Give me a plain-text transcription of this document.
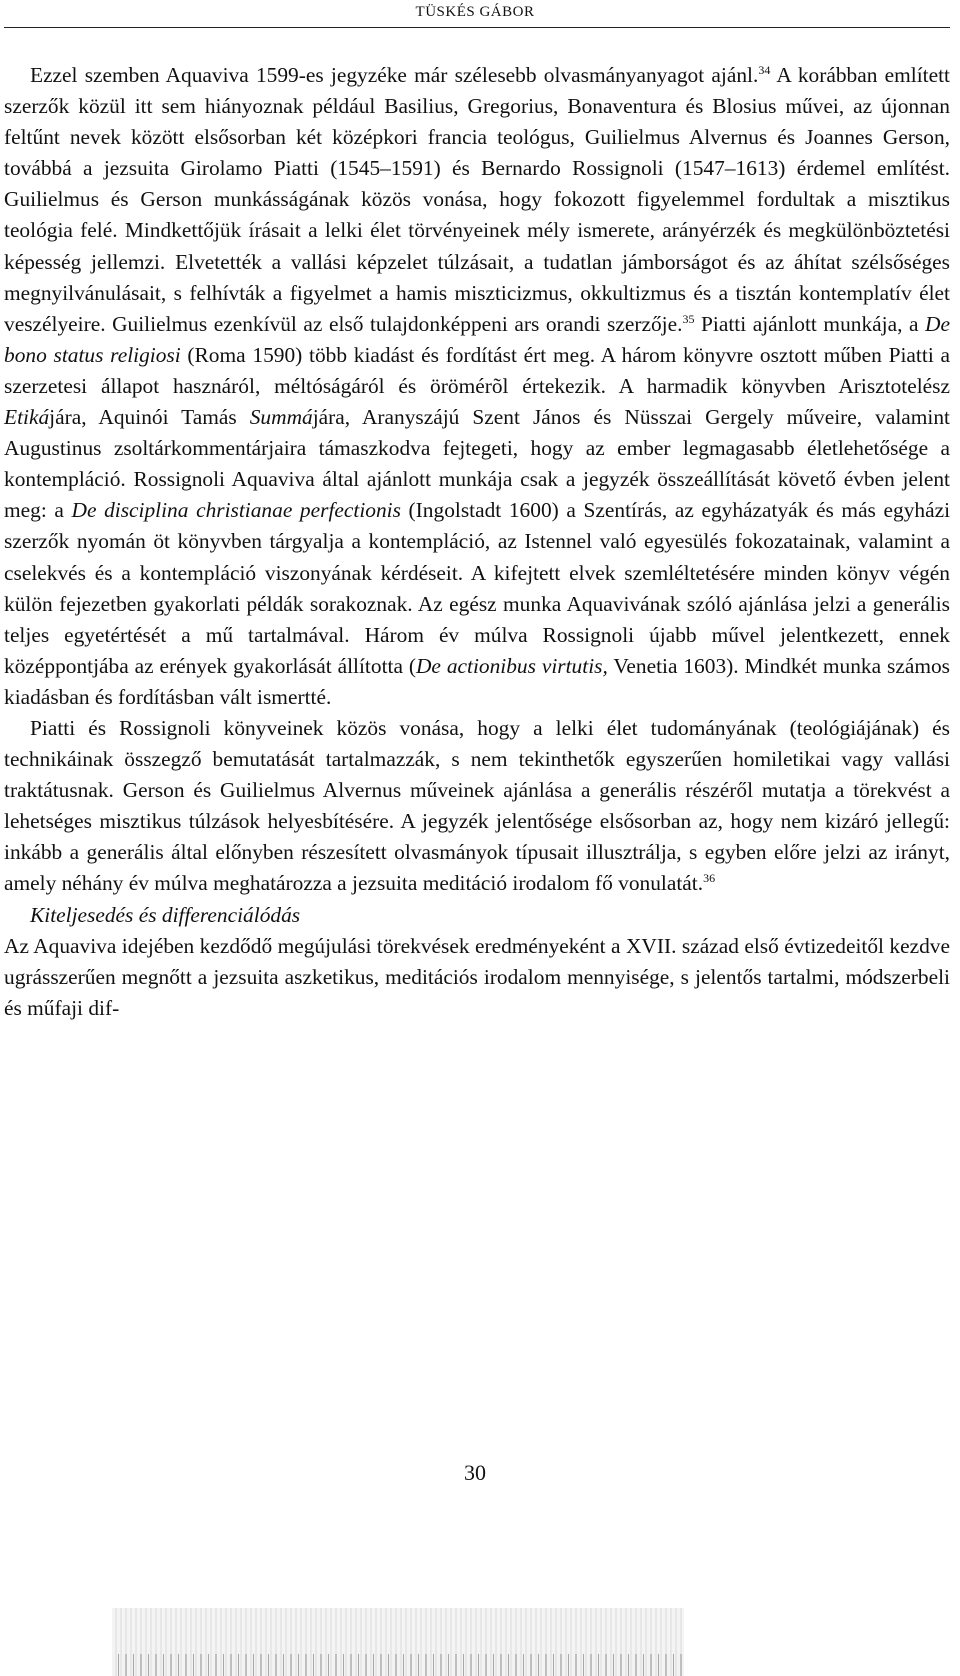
TÜSKÉS GÁBOR

Ezzel szemben Aquaviva 1599-es jegyzéke már szélesebb olvasmányanyagot ajánl.$^{34}$ A korábban említett szerzők közül itt sem hiányoznak például Basilius, Gregorius, Bonaventura és Blosius művei, az újonnan feltűnt nevek között elsősorban két középkori francia teológus, Guilielmus Alvernus és Joannes Gerson, továbbá a jezsuita Girolamo Piatti (1545–1591) és Bernardo Rossignoli (1547–1613) érdemel említést. Guilielmus és Gerson munkásságának közös vonása, hogy fokozott figyelemmel fordultak a misztikus teológia felé. Mindkettőjük írásait a lelki élet törvényeinek mély ismerete, arányérzék és megkülönböztetési képesség jellemzi. Elvetették a vallási képzelet túlzásait, a tudatlan jámborságot és az áhítat szélsőséges megnyilvánulásait, s felhívták a figyelmet a hamis miszticizmus, okkultizmus és a tisztán kontemplatív élet veszélyeire. Guilielmus ezenkívül az első tulajdonképpeni ars orandi szerzője.$^{35}$ Piatti ajánlott munkája, a De bono status religiosi (Roma 1590) több kiadást és fordítást ért meg. A három könyvre osztott műben Piatti a szerzetesi állapot hasznáról, méltóságáról és örömérõl értekezik. A harmadik könyvben Arisztotelész Etikájára, Aquinói Tamás Summájára, Aranyszájú Szent János és Nüsszai Gergely műveire, valamint Augustinus zsoltárkommentárjaira támaszkodva fejtegeti, hogy az ember legmagasabb életlehetősége a kontempláció. Rossignoli Aquaviva által ajánlott munkája csak a jegyzék összeállítását követő évben jelent meg: a De disciplina christianae perfectionis (Ingolstadt 1600) a Szentírás, az egyházatyák és más egyházi szerzők nyomán öt könyvben tárgyalja a kontempláció, az Istennel való egyesülés fokozatainak, valamint a cselekvés és a kontempláció viszonyának kérdéseit. A kifejtett elvek szemléltetésére minden könyv végén külön fejezetben gyakorlati példák sorakoznak. Az egész munka Aquavivának szóló ajánlása jelzi a generális teljes egyetértését a mű tartalmával. Három év múlva Rossignoli újabb művel jelentkezett, ennek középpontjába az erények gyakorlását állította (De actionibus virtutis, Venetia 1603). Mindkét munka számos kiadásban és fordításban vált ismertté.

Piatti és Rossignoli könyveinek közös vonása, hogy a lelki élet tudományának (teológiájának) és technikáinak összegző bemutatását tartalmazzák, s nem tekinthetők egyszerűen homiletikai vagy vallási traktátusnak. Gerson és Guilielmus Alvernus műveinek ajánlása a generális részéről mutatja a törekvést a lehetséges misztikus túlzások helyesbítésére. A jegyzék jelentősége elsősorban az, hogy nem kizáró jellegű: inkább a generális által előnyben részesített olvasmányok típusait illusztrálja, s egyben előre jelzi az irányt, amely néhány év múlva meghatározza a jezsuita meditáció irodalom fő vonulatát.$^{36}$

Kiteljesedés és differenciálódás

Az Aquaviva idejében kezdődő megújulási törekvések eredményeként a XVII. század első évtizedeitől kezdve ugrásszerűen megnőtt a jezsuita aszketikus, meditációs irodalom mennyisége, s jelentős tartalmi, módszerbeli és műfaji dif-

30
